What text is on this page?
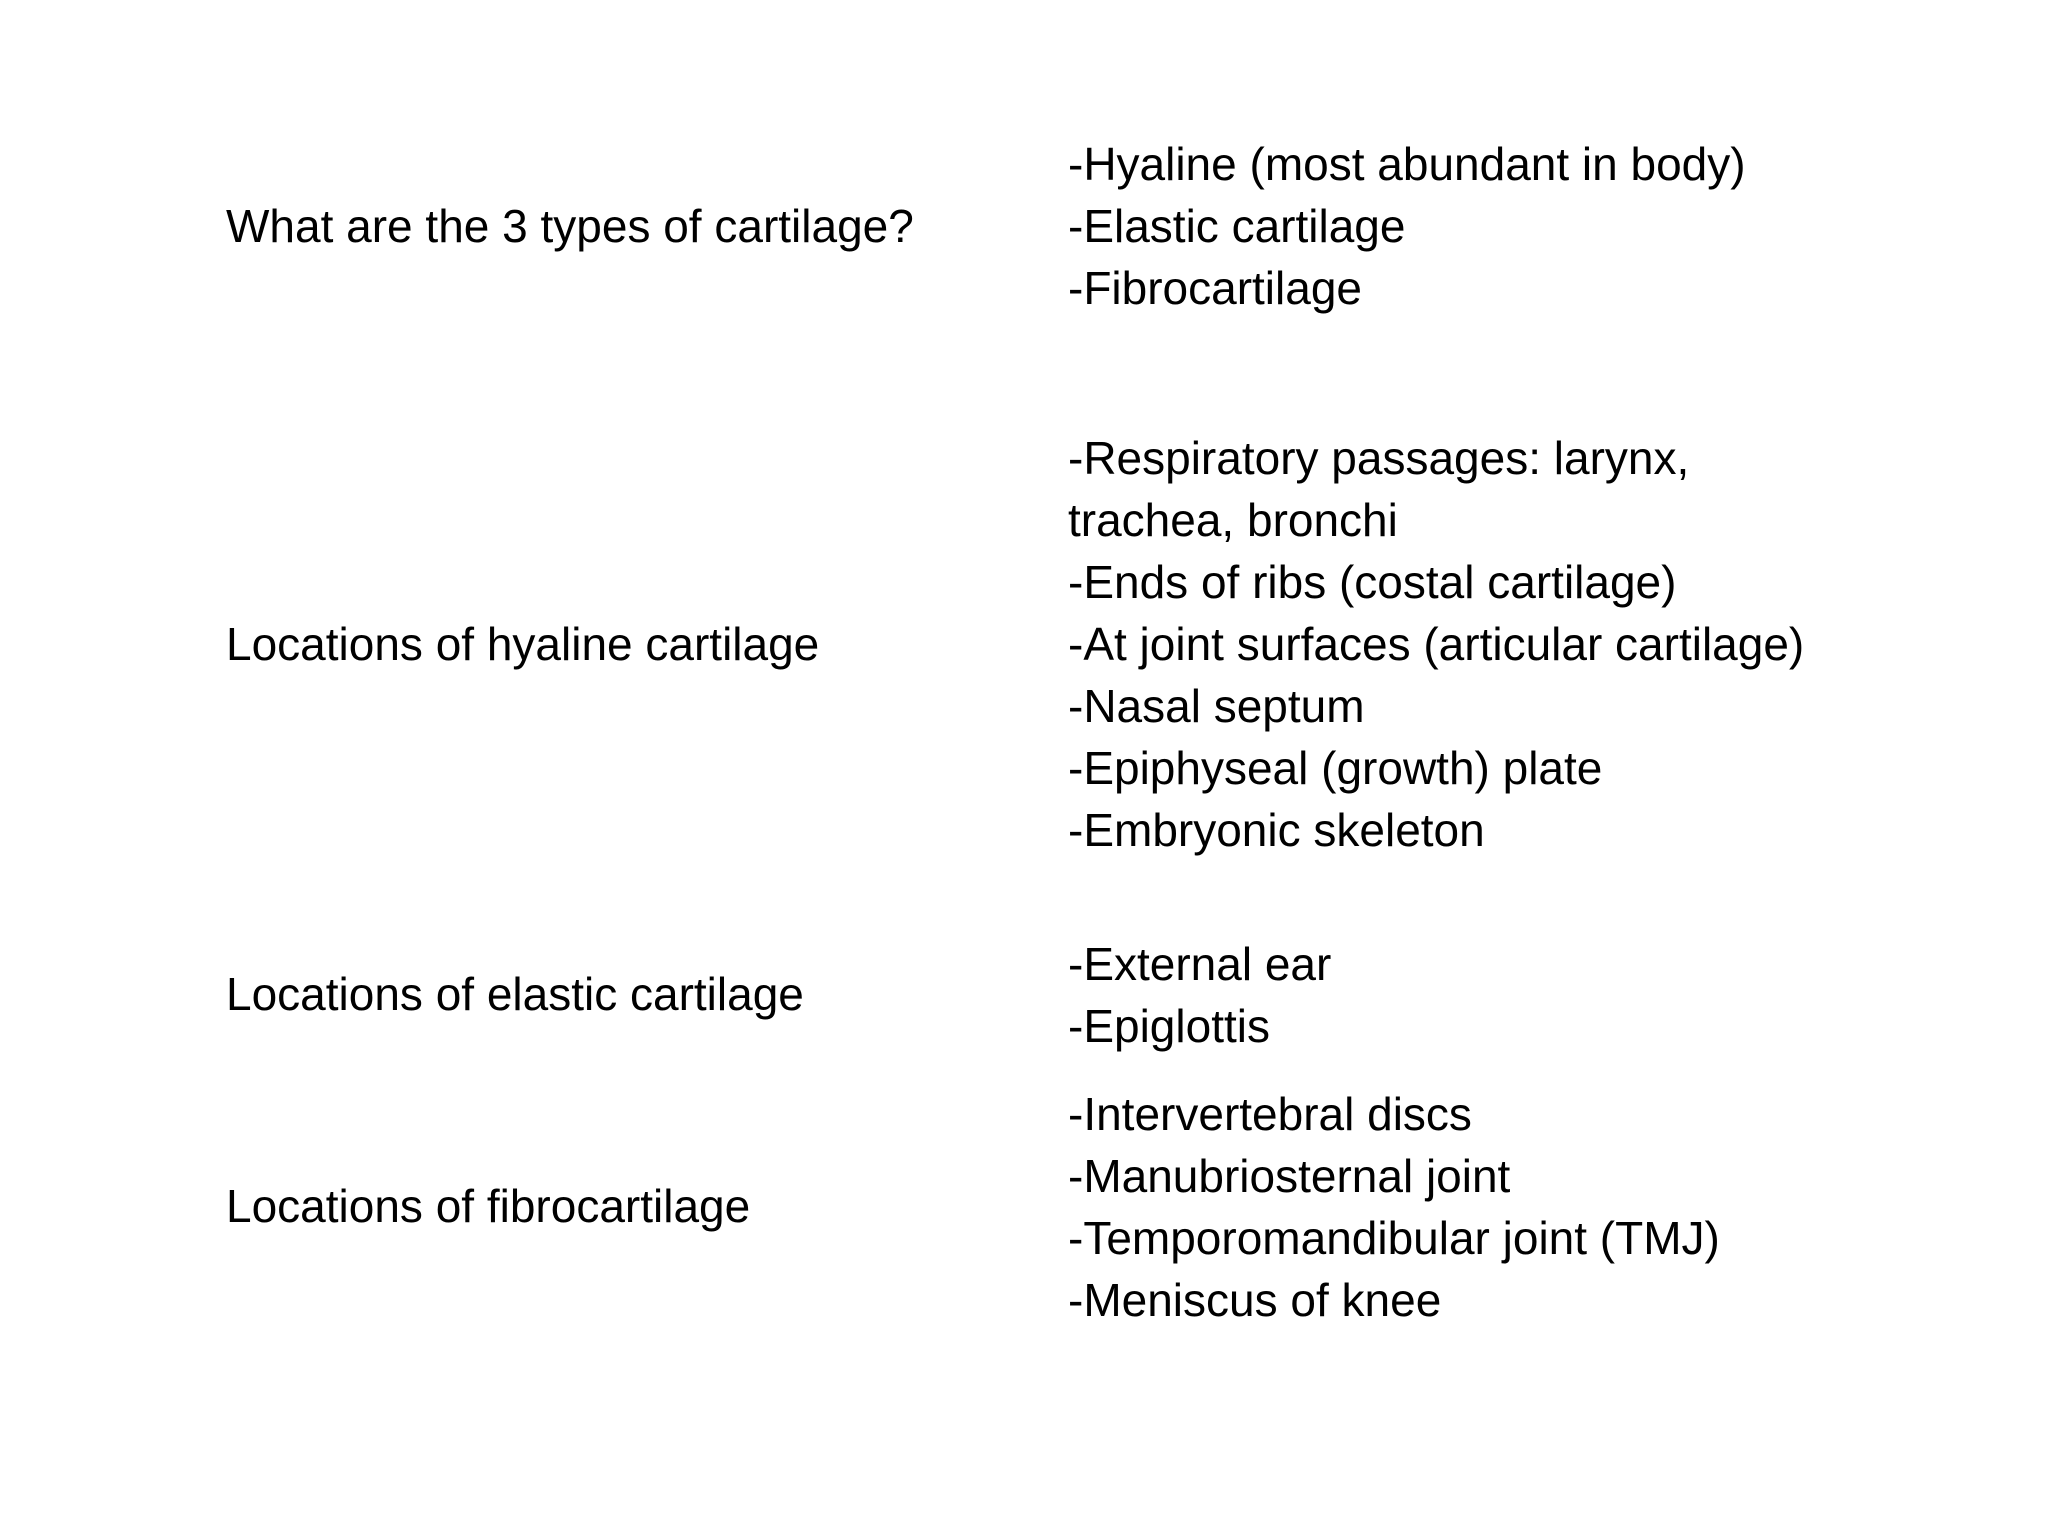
What are the 3 types of cartilage?
-Hyaline (most abundant in body)
-Elastic cartilage
-Fibrocartilage
Locations of hyaline cartilage
-Respiratory passages: larynx,
trachea, bronchi
-Ends of ribs (costal cartilage)
-At joint surfaces (articular cartilage)
-Nasal septum
-Epiphyseal (growth) plate
-Embryonic skeleton
Locations of elastic cartilage
-External ear
-Epiglottis
Locations of fibrocartilage
-Intervertebral discs
-Manubriosternal joint
-Temporomandibular joint (TMJ)
-Meniscus of knee
